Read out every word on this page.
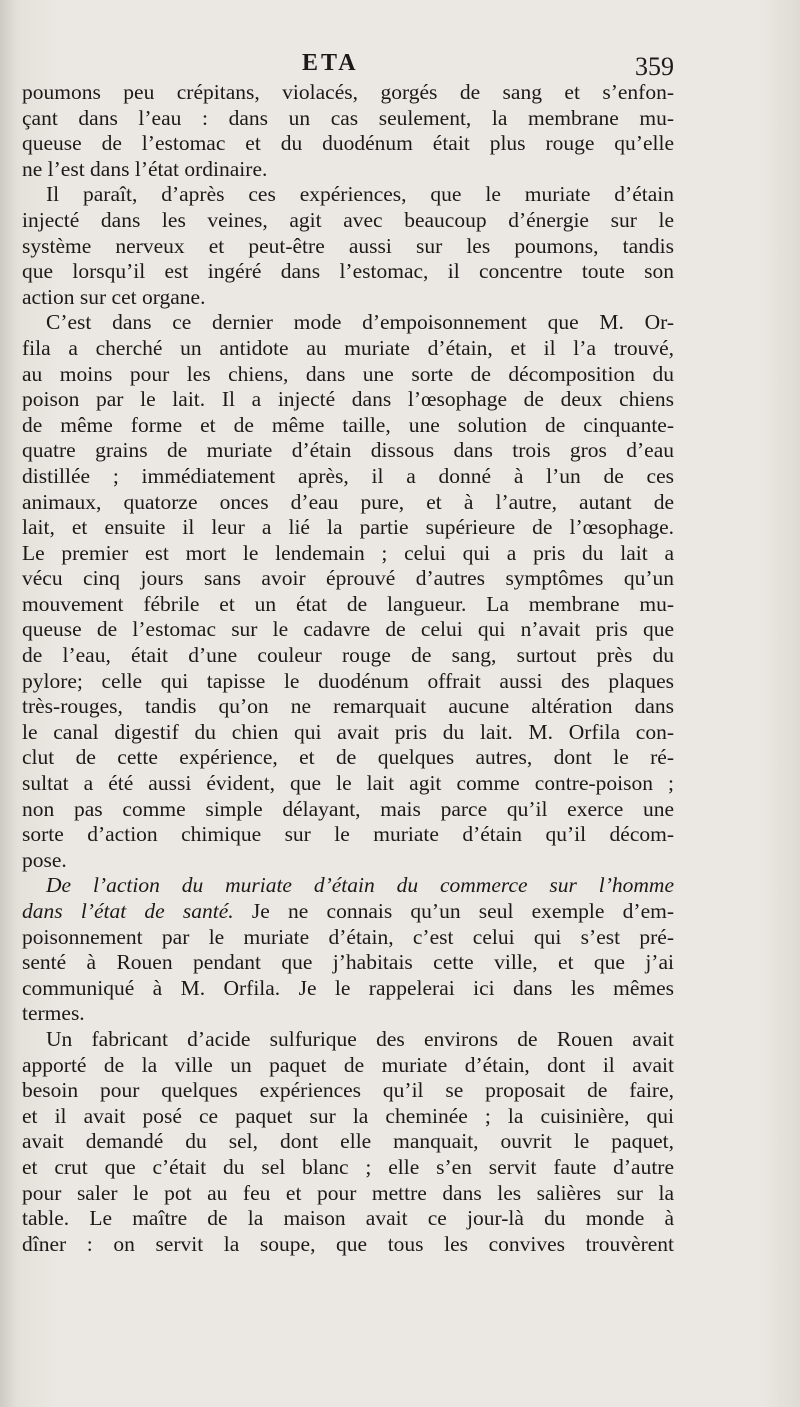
ETA	359
poumons peu crépitans, violacés, gorgés de sang et s’enfon-
çant dans l’eau : dans un cas seulement, la membrane mu-
queuse de l’estomac et du duodénum était plus rouge qu’elle
ne l’est dans l’état ordinaire.
Il paraît, d’après ces expériences, que le muriate d’étain
injecté dans les veines, agit avec beaucoup d’énergie sur le
système nerveux et peut-être aussi sur les poumons, tandis
que lorsqu’il est ingéré dans l’estomac, il concentre toute son
action sur cet organe.
C’est dans ce dernier mode d’empoisonnement que M. Or-
fila a cherché un antidote au muriate d’étain, et il l’a trouvé,
au moins pour les chiens, dans une sorte de décomposition du
poison par le lait. Il a injecté dans l’œsophage de deux chiens
de même forme et de même taille, une solution de cinquante-
quatre grains de muriate d’étain dissous dans trois gros d’eau
distillée ; immédiatement après, il a donné à l’un de ces
animaux, quatorze onces d’eau pure, et à l’autre, autant de
lait, et ensuite il leur a lié la partie supérieure de l’œsophage.
Le premier est mort le lendemain ; celui qui a pris du lait a
vécu cinq jours sans avoir éprouvé d’autres symptômes qu’un
mouvement fébrile et un état de langueur. La membrane mu-
queuse de l’estomac sur le cadavre de celui qui n’avait pris que
de l’eau, était d’une couleur rouge de sang, surtout près du
pylore; celle qui tapisse le duodénum offrait aussi des plaques
très-rouges, tandis qu’on ne remarquait aucune altération dans
le canal digestif du chien qui avait pris du lait. M. Orfila con-
clut de cette expérience, et de quelques autres, dont le ré-
sultat a été aussi évident, que le lait agit comme contre-poison ;
non pas comme simple délayant, mais parce qu’il exerce une
sorte d’action chimique sur le muriate d’étain qu’il décom-
pose.
De l’action du muriate d’étain du commerce sur l’homme
dans l’état de santé. Je ne connais qu’un seul exemple d’em-
poisonnement par le muriate d’étain, c’est celui qui s’est pré-
senté à Rouen pendant que j’habitais cette ville, et que j’ai
communiqué à M. Orfila. Je le rappelerai ici dans les mêmes
termes.
Un fabricant d’acide sulfurique des environs de Rouen avait
apporté de la ville un paquet de muriate d’étain, dont il avait
besoin pour quelques expériences qu’il se proposait de faire,
et il avait posé ce paquet sur la cheminée ; la cuisinière, qui
avait demandé du sel, dont elle manquait, ouvrit le paquet,
et crut que c’était du sel blanc ; elle s’en servit faute d’autre
pour saler le pot au feu et pour mettre dans les salières sur la
table. Le maître de la maison avait ce jour-là du monde à
dîner : on servit la soupe, que tous les convives trouvèrent
